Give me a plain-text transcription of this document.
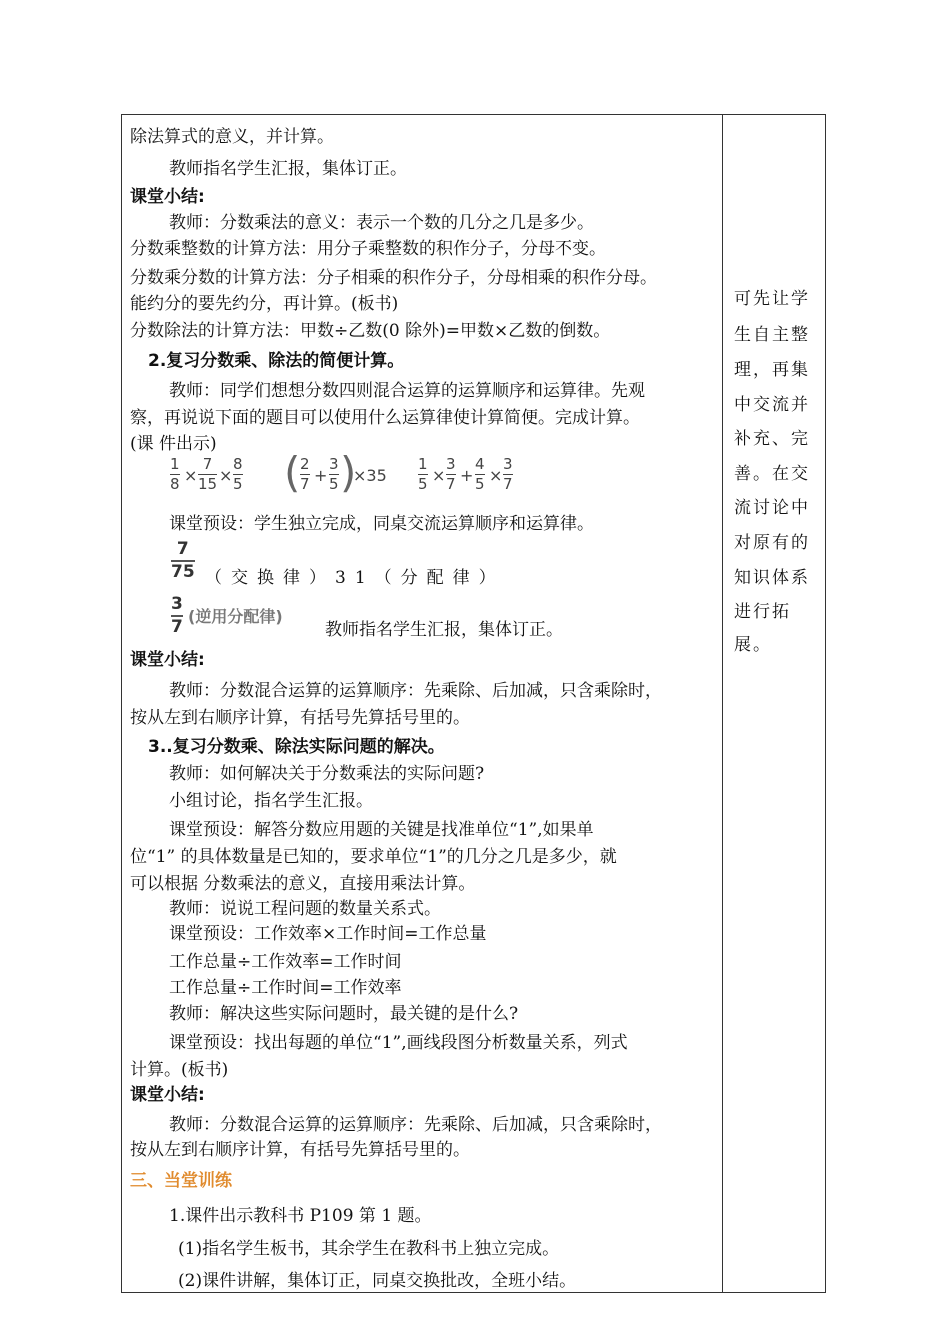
除法算式的意义，并计算。
教师指名学生汇报，集体订正。
课堂小结:
教师：分数乘法的意义：表示一个数的几分之几是多少。
分数乘整数的计算方法：用分子乘整数的积作分子，分母不变。
分数乘分数的计算方法：分子相乘的积作分子，分母相乘的积作分母。
能约分的要先约分，再计算。(板书)
分数除法的计算方法：甲数÷乙数(0 除外)=甲数×乙数的倒数。
2.复习分数乘、除法的简便计算。
教师：同学们想想分数四则混合运算的运算顺序和运算律。先观
察，再说说下面的题目可以使用什么运算律使计算简便。完成计算。
(课 件出示)
1
8 ×
7
15 ×
8
5 ( 2
7 +
3
5 )
×35
1
5 ×
3
7 +
4
5 ×
3
7
课堂预设：学生独立完成，同桌交流运算顺序和运算律。
7
75 （交换律）31（分配律）
3
7
(逆用分配律)
教师指名学生汇报，集体订正。
课堂小结:
教师：分数混合运算的运算顺序：先乘除、后加减，只含乘除时，
按从左到右顺序计算，有括号先算括号里的。
3..复习分数乘、除法实际问题的解决。
教师：如何解决关于分数乘法的实际问题?
小组讨论，指名学生汇报。
课堂预设：解答分数应用题的关键是找准单位“1”,如果单
位“1” 的具体数量是已知的，要求单位“1”的几分之几是多少，就
可以根据 分数乘法的意义，直接用乘法计算。
教师：说说工程问题的数量关系式。
课堂预设：工作效率×工作时间=工作总量
工作总量÷工作效率=工作时间
工作总量÷工作时间=工作效率
教师：解决这些实际问题时，最关键的是什么?
课堂预设：找出每题的单位“1”,画线段图分析数量关系，列式
计算。(板书)
课堂小结:
教师：分数混合运算的运算顺序：先乘除、后加减，只含乘除时，
按从左到右顺序计算，有括号先算括号里的。
三、当堂训练
1.课件出示教科书 P109 第 1 题。
(1)指名学生板书，其余学生在教科书上独立完成。
(2)课件讲解，集体订正，同桌交换批改，全班小结。
可先让学
生自主整
理，再集
中交流并
补充、完
善。在交
流讨论中
对原有的
知识体系
进行拓
展。
